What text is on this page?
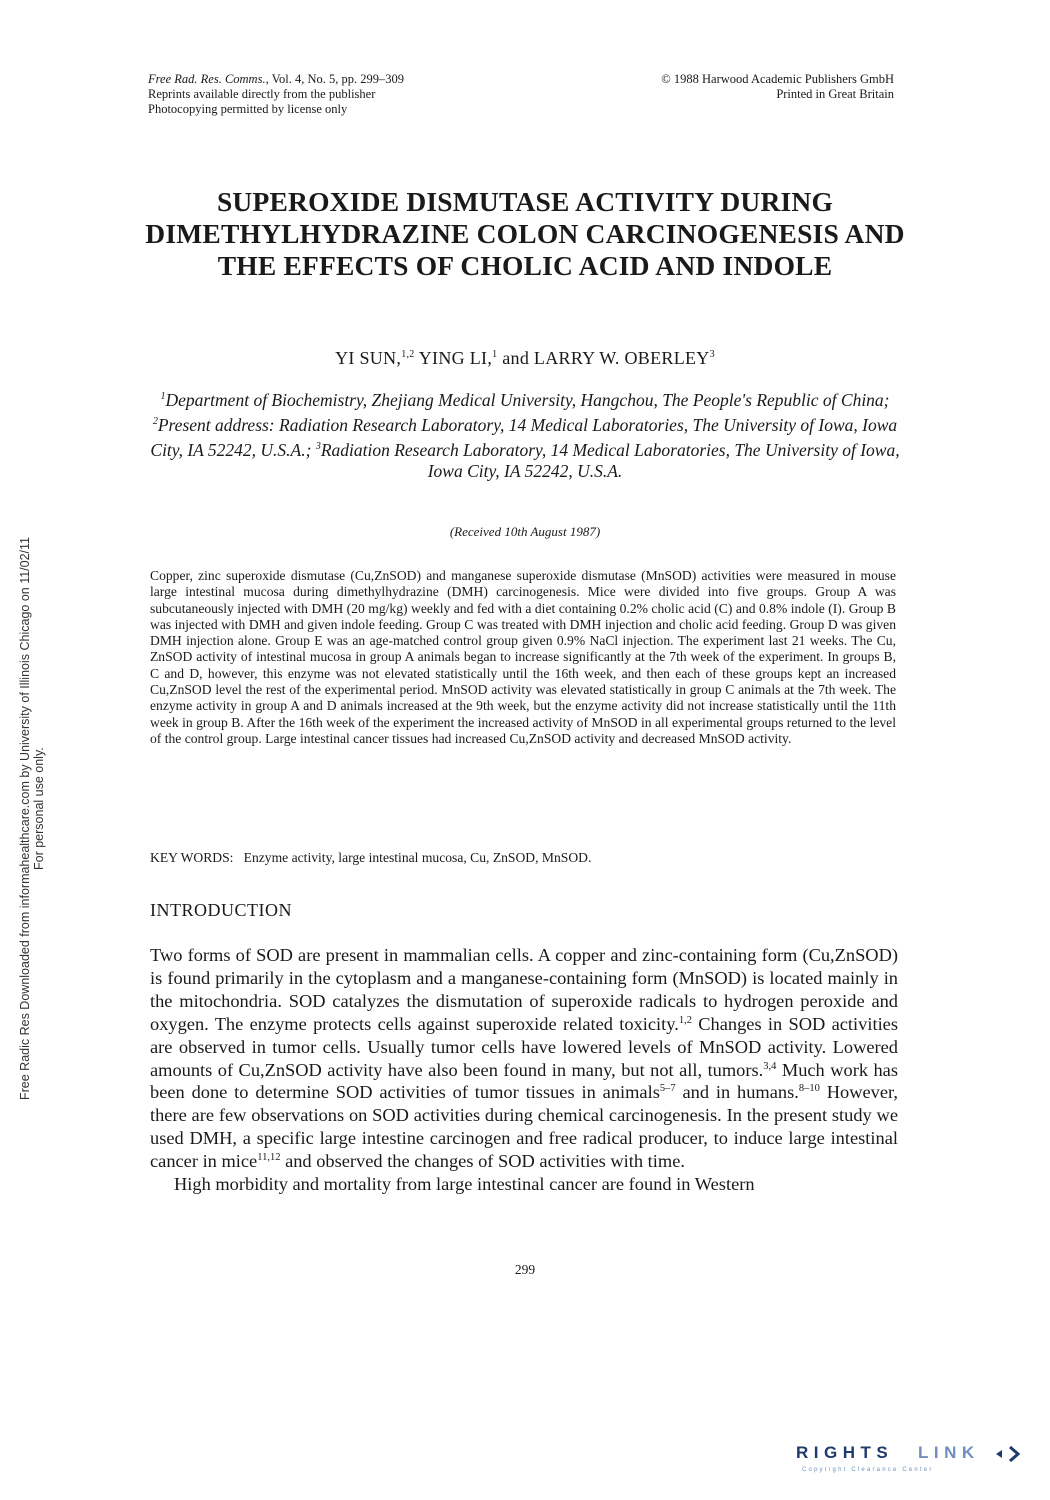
Free Rad. Res. Comms., Vol. 4, No. 5, pp. 299–309
Reprints available directly from the publisher
Photocopying permitted by license only
© 1988 Harwood Academic Publishers GmbH
Printed in Great Britain
SUPEROXIDE DISMUTASE ACTIVITY DURING DIMETHYLHYDRAZINE COLON CARCINOGENESIS AND THE EFFECTS OF CHOLIC ACID AND INDOLE
YI SUN,$^{1,2}$ YING LI,$^1$ and LARRY W. OBERLEY$^3$
$^1$Department of Biochemistry, Zhejiang Medical University, Hangchou, The People's Republic of China; $^2$Present address: Radiation Research Laboratory, 14 Medical Laboratories, The University of Iowa, Iowa City, IA 52242, U.S.A.; $^3$Radiation Research Laboratory, 14 Medical Laboratories, The University of Iowa, Iowa City, IA 52242, U.S.A.
(Received 10th August 1987)
Copper, zinc superoxide dismutase (Cu,ZnSOD) and manganese superoxide dismutase (MnSOD) activities were measured in mouse large intestinal mucosa during dimethylhydrazine (DMH) carcinogenesis. Mice were divided into five groups. Group A was subcutaneously injected with DMH (20 mg/kg) weekly and fed with a diet containing 0.2% cholic acid (C) and 0.8% indole (I). Group B was injected with DMH and given indole feeding. Group C was treated with DMH injection and cholic acid feeding. Group D was given DMH injection alone. Group E was an age-matched control group given 0.9% NaCl injection. The experiment last 21 weeks. The Cu, ZnSOD activity of intestinal mucosa in group A animals began to increase significantly at the 7th week of the experiment. In groups B, C and D, however, this enzyme was not elevated statistically until the 16th week, and then each of these groups kept an increased Cu,ZnSOD level the rest of the experimental period. MnSOD activity was elevated statistically in group C animals at the 7th week. The enzyme activity in group A and D animals increased at the 9th week, but the enzyme activity did not increase statistically until the 11th week in group B. After the 16th week of the experiment the increased activity of MnSOD in all experimental groups returned to the level of the control group. Large intestinal cancer tissues had increased Cu,ZnSOD activity and decreased MnSOD activity.
KEY WORDS: Enzyme activity, large intestinal mucosa, Cu, ZnSOD, MnSOD.
INTRODUCTION

Two forms of SOD are present in mammalian cells. A copper and zinc-containing form (Cu,ZnSOD) is found primarily in the cytoplasm and a manganese-containing form (MnSOD) is located mainly in the mitochondria. SOD catalyzes the dismutation of superoxide radicals to hydrogen peroxide and oxygen. The enzyme protects cells against superoxide related toxicity.$^{1,2}$ Changes in SOD activities are observed in tumor cells. Usually tumor cells have lowered levels of MnSOD activity. Lowered amounts of Cu,ZnSOD activity have also been found in many, but not all, tumors.$^{3,4}$ Much work has been done to determine SOD activities of tumor tissues in animals$^{5-7}$ and in humans.$^{8-10}$ However, there are few observations on SOD activities during chemical carcinogenesis. In the present study we used DMH, a specific large intestine carcinogen and free radical producer, to induce large intestinal cancer in mice$^{11,12}$ and observed the changes of SOD activities with time.

High morbidity and mortality from large intestinal cancer are found in Western

299
Free Radic Res Downloaded from informahealthcare.com by University of Illinois Chicago on 11/02/11 For personal use only.
RIGHTS LINK
Copyright Clearance Center
